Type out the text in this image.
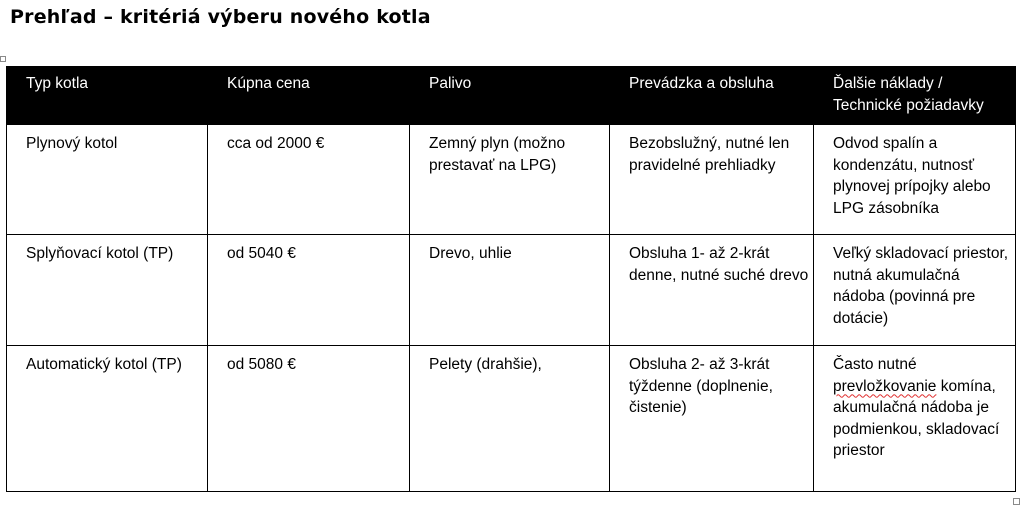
Prehľad – kritériá výberu nového kotla
Typ kotla	Kúpna cena	Palivo	Prevádzka a obsluha	Ďalšie náklady / Technické požiadavky
Plynový kotol	cca od 2000 €	Zemný plyn (možno prestavať na LPG)	Bezobslužný, nutné len pravidelné prehliadky	Odvod spalín a kondenzátu, nutnosť plynovej prípojky alebo LPG zásobníka
Splyňovací kotol (TP)	od 5040 €	Drevo, uhlie	Obsluha 1- až 2-krát denne, nutné suché drevo	Veľký skladovací priestor, nutná akumulačná nádoba (povinná pre dotácie)
Automatický kotol (TP)	od 5080 €	Pelety (drahšie),	Obsluha 2- až 3-krát týždenne (doplnenie, čistenie)	Často nutné prevložkovanie komína, akumulačná nádoba je podmienkou, skladovací priestor
